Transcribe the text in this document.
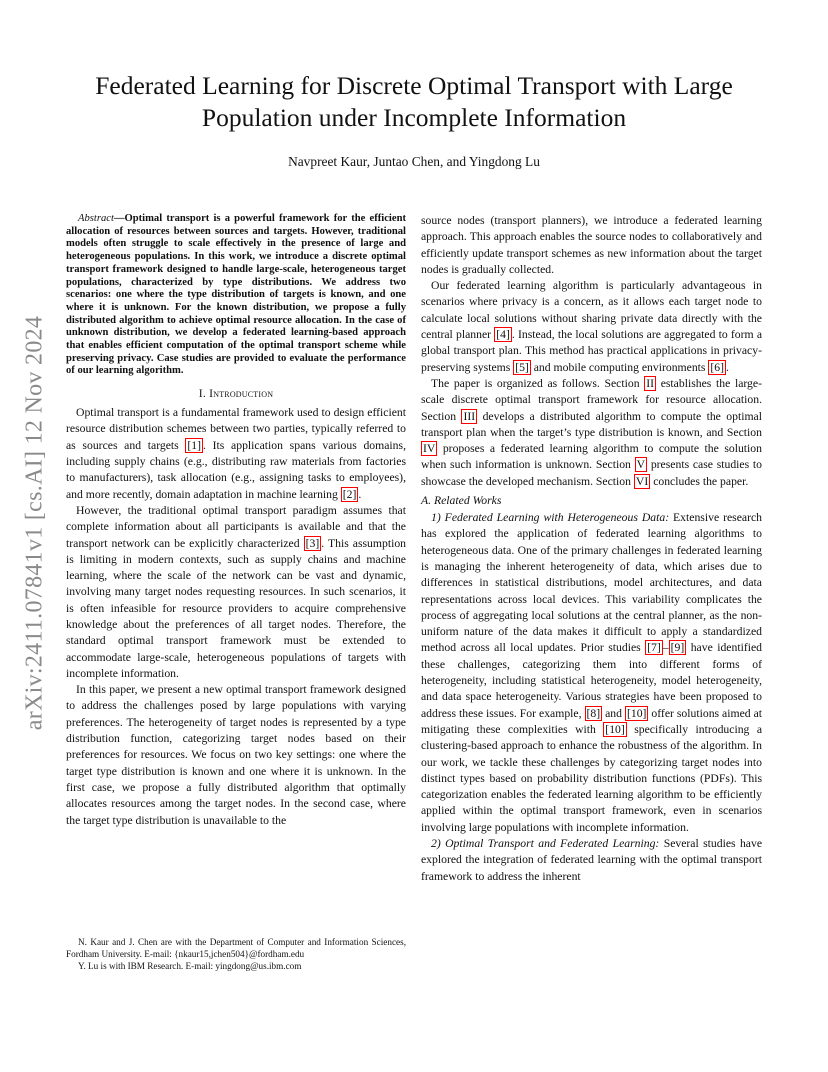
arXiv:2411.07841v1 [cs.AI] 12 Nov 2024
Federated Learning for Discrete Optimal Transport with Large Population under Incomplete Information
Navpreet Kaur, Juntao Chen, and Yingdong Lu

Abstract—Optimal transport is a powerful framework for the efficient allocation of resources between sources and targets. However, traditional models often struggle to scale effectively in the presence of large and heterogeneous populations. In this work, we introduce a discrete optimal transport framework designed to handle large-scale, heterogeneous target populations, characterized by type distributions. We address two scenarios: one where the type distribution of targets is known, and one where it is unknown. For the known distribution, we propose a fully distributed algorithm to achieve optimal resource allocation. In the case of unknown distribution, we develop a federated learning-based approach that enables efficient computation of the optimal transport scheme while preserving privacy. Case studies are provided to evaluate the performance of our learning algorithm.

I. Introduction

Optimal transport is a fundamental framework used to design efficient resource distribution schemes between two parties, typically referred to as sources and targets [1] . Its application spans various domains, including supply chains (e.g., distributing raw materials from factories to manufacturers), task allocation (e.g., assigning tasks to employees), and more recently, domain adaptation in machine learning [2] .

However, the traditional optimal transport paradigm assumes that complete information about all participants is available and that the transport network can be explicitly characterized [3] . This assumption is limiting in modern contexts, such as supply chains and machine learning, where the scale of the network can be vast and dynamic, involving many target nodes requesting resources. In such scenarios, it is often infeasible for resource providers to acquire comprehensive knowledge about the preferences of all target nodes. Therefore, the standard optimal transport framework must be extended to accommodate large-scale, heterogeneous populations of targets with incomplete information.

In this paper, we present a new optimal transport framework designed to address the challenges posed by large populations with varying preferences. The heterogeneity of target nodes is represented by a type distribution function, categorizing target nodes based on their preferences for resources. We focus on two key settings: one where the target type distribution is known and one where it is unknown. In the first case, we propose a fully distributed algorithm that optimally allocates resources among the target nodes. In the second case, where the target type distribution is unavailable to the

N. Kaur and J. Chen are with the Department of Computer and Information Sciences, Fordham University. E-mail: {nkaur15,jchen504}@fordham.edu

Y. Lu is with IBM Research. E-mail: yingdong@us.ibm.com

source nodes (transport planners), we introduce a federated learning approach. This approach enables the source nodes to collaboratively and efficiently update transport schemes as new information about the target nodes is gradually collected.

Our federated learning algorithm is particularly advantageous in scenarios where privacy is a concern, as it allows each target node to calculate local solutions without sharing private data directly with the central planner [4] . Instead, the local solutions are aggregated to form a global transport plan. This method has practical applications in privacy-preserving systems [5] and mobile computing environments [6] .

The paper is organized as follows. Section II establishes the large-scale discrete optimal transport framework for resource allocation. Section III develops a distributed algorithm to compute the optimal transport plan when the target’s type distribution is known, and Section IV proposes a federated learning algorithm to compute the solution when such information is unknown. Section V presents case studies to showcase the developed mechanism. Section VI concludes the paper.

A. Related Works

1) Federated Learning with Heterogeneous Data: Extensive research has explored the application of federated learning algorithms to heterogeneous data. One of the primary challenges in federated learning is managing the inherent heterogeneity of data, which arises due to differences in statistical distributions, model architectures, and data representations across local devices. This variability complicates the process of aggregating local solutions at the central planner, as the non-uniform nature of the data makes it difficult to apply a standardized method across all local updates. Prior studies [7] – [9] have identified these challenges, categorizing them into different forms of heterogeneity, including statistical heterogeneity, model heterogeneity, and data space heterogeneity. Various strategies have been proposed to address these issues. For example, [8] and [10] offer solutions aimed at mitigating these complexities with [10] specifically introducing a clustering-based approach to enhance the robustness of the algorithm. In our work, we tackle these challenges by categorizing target nodes into distinct types based on probability distribution functions (PDFs). This categorization enables the federated learning algorithm to be efficiently applied within the optimal transport framework, even in scenarios involving large populations with incomplete information.

2) Optimal Transport and Federated Learning: Several studies have explored the integration of federated learning with the optimal transport framework to address the inherent
